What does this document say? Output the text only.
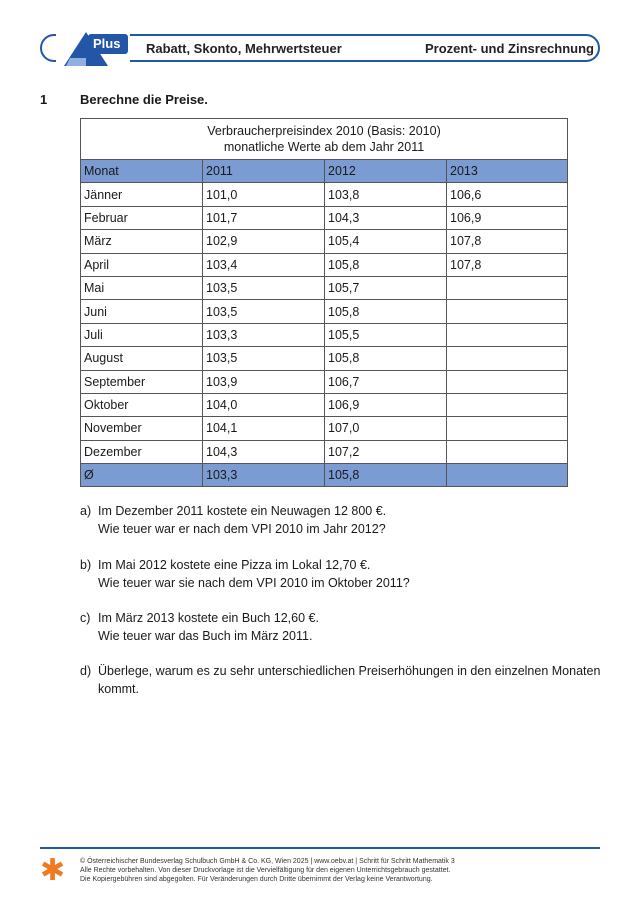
Plus Rabatt, Skonto, Mehrwertsteuer	Prozent- und Zinsrechnung
1	Berechne die Preise.
Verbraucherpreisindex 2010 (Basis: 2010)
monatliche Werte ab dem Jahr 2011			

Monat	2011	2012	2013
Jänner	101,0	103,8	106,6
Februar	101,7	104,3	106,9
März	102,9	105,4	107,8
April	103,4	105,8	107,8
Mai	103,5	105,7	
Juni	103,5	105,8	
Juli	103,3	105,5	
August	103,5	105,8	
September	103,9	106,7	
Oktober	104,0	106,9	
November	104,1	107,0	
Dezember	104,3	107,2	
Ø	103,3	105,8	
a) Im Dezember 2011 kostete ein Neuwagen 12 800 €.
Wie teuer war er nach dem VPI 2010 im Jahr 2012?
b) Im Mai 2012 kostete eine Pizza im Lokal 12,70 €.
Wie teuer war sie nach dem VPI 2010 im Oktober 2011?
c) Im März 2013 kostete ein Buch 12,60 €.
Wie teuer war das Buch im März 2011.
d) Überlege, warum es zu sehr unterschiedlichen Preiserhöhungen in den einzelnen Monaten
kommt.
✱ © Österreichischer Bundesverlag Schulbuch GmbH & Co. KG, Wien 2025 | www.oebv.at | Schritt für Schritt Mathematik 3
Alle Rechte vorbehalten. Von dieser Druckvorlage ist die Vervielfältigung für den eigenen Unterrichtsgebrauch gestattet.
Die Kopiergebühren sind abgegolten. Für Veränderungen durch Dritte übernimmt der Verlag keine Verantwortung.
